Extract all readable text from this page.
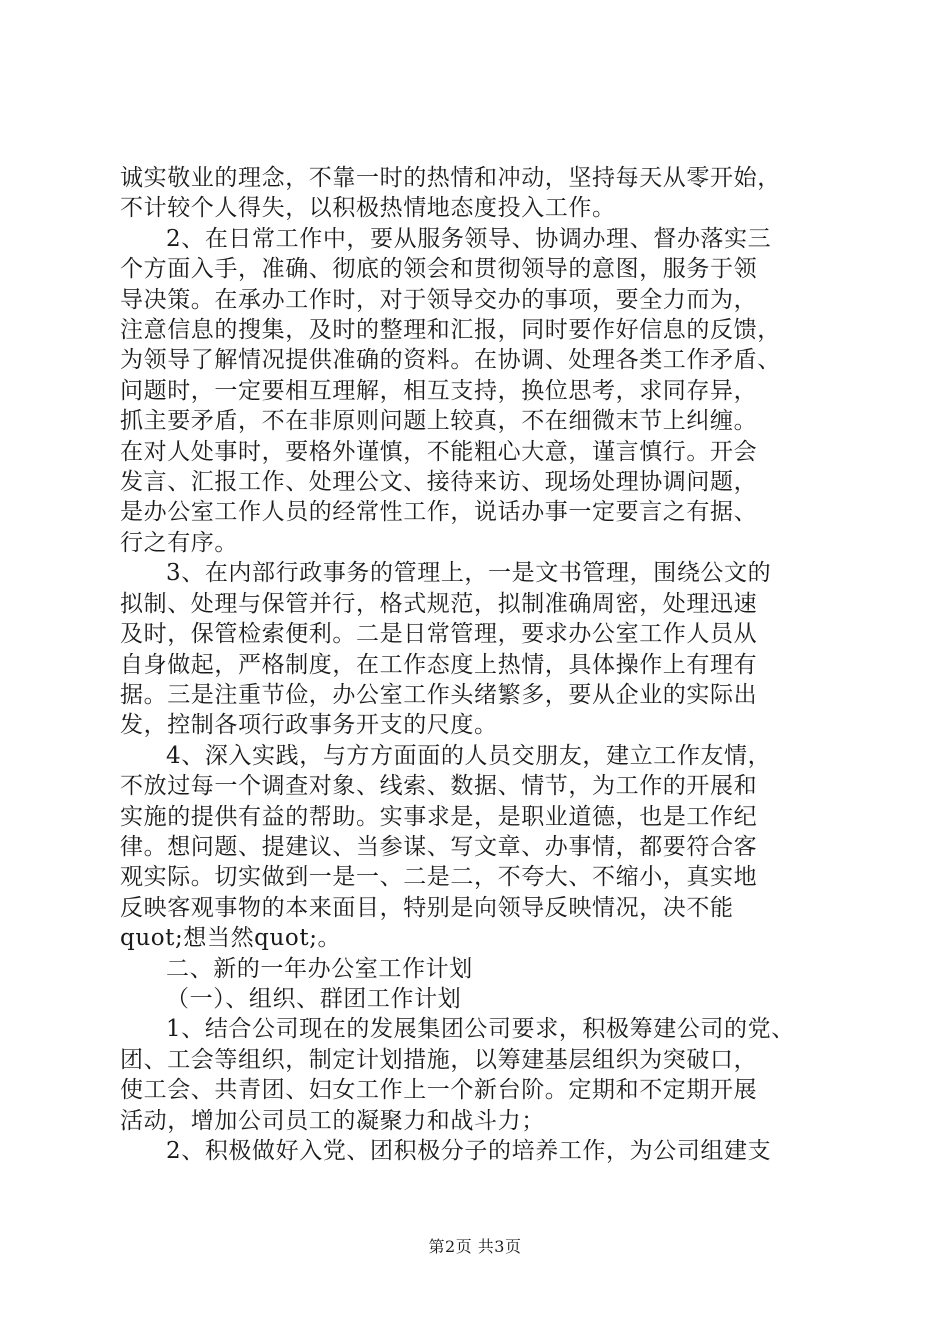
诚实敬业的理念，不靠一时的热情和冲动，坚持每天从零开始，

不计较个人得失，以积极热情地态度投入工作。

2、在日常工作中，要从服务领导、协调办理、督办落实三

个方面入手，准确、彻底的领会和贯彻领导的意图，服务于领

导决策。在承办工作时，对于领导交办的事项，要全力而为，

注意信息的搜集，及时的整理和汇报，同时要作好信息的反馈，

为领导了解情况提供准确的资料。在协调、处理各类工作矛盾、

问题时，一定要相互理解，相互支持，换位思考，求同存异，

抓主要矛盾，不在非原则问题上较真，不在细微末节上纠缠。

在对人处事时，要格外谨慎，不能粗心大意，谨言慎行。开会

发言、汇报工作、处理公文、接待来访、现场处理协调问题，

是办公室工作人员的经常性工作，说话办事一定要言之有据、

行之有序。

3、在内部行政事务的管理上，一是文书管理，围绕公文的

拟制、处理与保管并行，格式规范，拟制准确周密，处理迅速

及时，保管检索便利。二是日常管理，要求办公室工作人员从

自身做起，严格制度，在工作态度上热情，具体操作上有理有

据。三是注重节俭，办公室工作头绪繁多，要从企业的实际出

发，控制各项行政事务开支的尺度。

4、深入实践，与方方面面的人员交朋友，建立工作友情，

不放过每一个调查对象、线索、数据、情节，为工作的开展和

实施的提供有益的帮助。实事求是，是职业道德，也是工作纪

律。想问题、提建议、当参谋、写文章、办事情，都要符合客

观实际。切实做到一是一、二是二，不夸大、不缩小，真实地

反映客观事物的本来面目，特别是向领导反映情况，决不能

quot;想当然quot;。

二、新的一年办公室工作计划

（一）、组织、群团工作计划

1、结合公司现在的发展集团公司要求，积极筹建公司的党、

团、工会等组织，制定计划措施，以筹建基层组织为突破口，

使工会、共青团、妇女工作上一个新台阶。定期和不定期开展

活动，增加公司员工的凝聚力和战斗力；

2、积极做好入党、团积极分子的培养工作，为公司组建支

第2页 共3页
